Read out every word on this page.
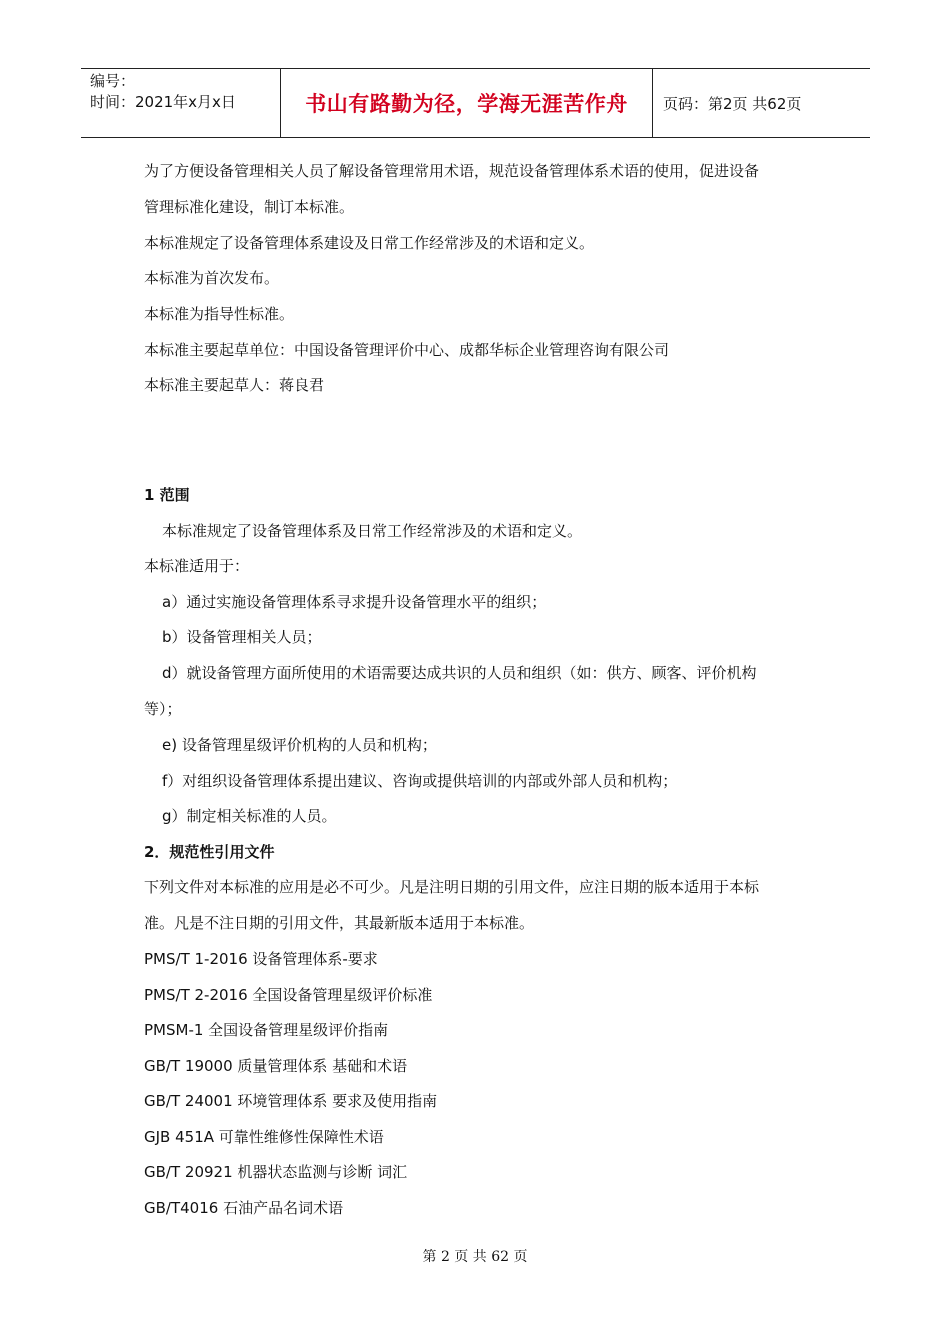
编号：
时间：2021年x月x日	书山有路勤为径，学海无涯苦作舟 页码：第2页 共62页
为了方便设备管理相关人员了解设备管理常用术语，规范设备管理体系术语的使用，促进设备
管理标准化建设，制订本标准。
本标准规定了设备管理体系建设及日常工作经常涉及的术语和定义。
本标准为首次发布。
本标准为指导性标准。
本标准主要起草单位：中国设备管理评价中心、成都华标企业管理咨询有限公司
本标准主要起草人：蒋良君
1 范围
本标准规定了设备管理体系及日常工作经常涉及的术语和定义。
本标准适用于：
a）通过实施设备管理体系寻求提升设备管理水平的组织；
b）设备管理相关人员；
d）就设备管理方面所使用的术语需要达成共识的人员和组织（如：供方、顾客、评价机构
等）；
e) 设备管理星级评价机构的人员和机构；
f）对组织设备管理体系提出建议、咨询或提供培训的内部或外部人员和机构；
g）制定相关标准的人员。
2．规范性引用文件
下列文件对本标准的应用是必不可少。凡是注明日期的引用文件，应注日期的版本适用于本标
准。凡是不注日期的引用文件，其最新版本适用于本标准。
PMS/T 1-2016 设备管理体系-要求
PMS/T 2-2016 全国设备管理星级评价标准
PMSM-1 全国设备管理星级评价指南
GB/T 19000 质量管理体系 基础和术语
GB/T 24001 环境管理体系 要求及使用指南
GJB 451A 可靠性维修性保障性术语
GB/T 20921 机器状态监测与诊断 词汇
GB/T4016 石油产品名词术语
第 2 页 共 62 页
